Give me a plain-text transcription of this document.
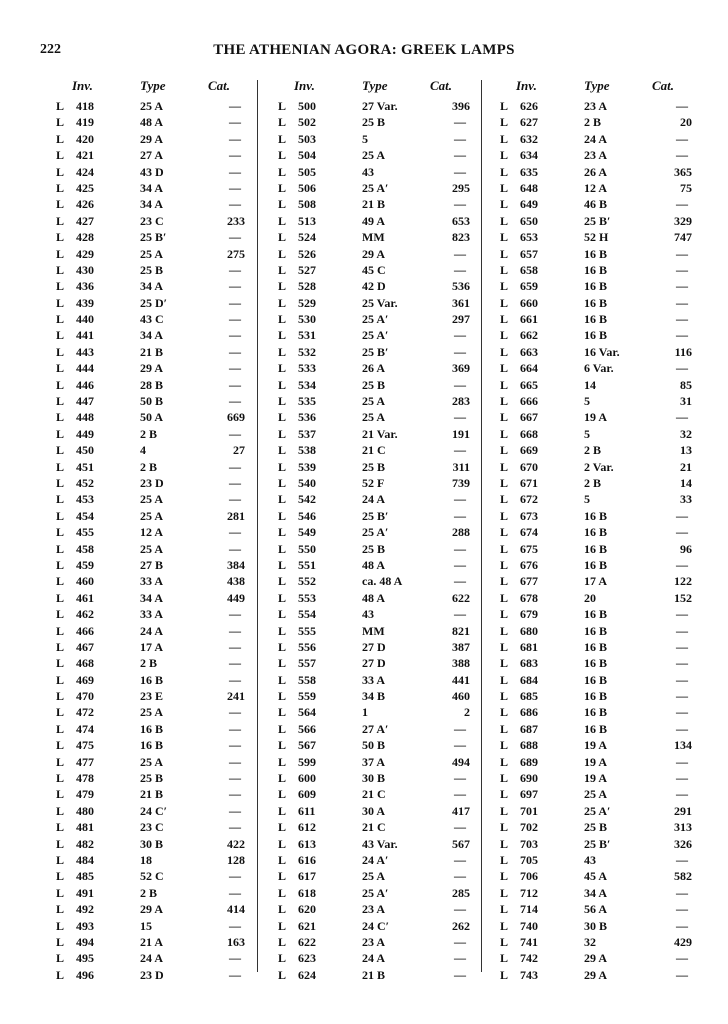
222	THE ATHENIAN AGORA: GREEK LAMPS
Inv.	Type	Cat.
L 418	25 A	—
L 419	48 A	—
L 420	29 A	—
L 421	27 A	—
L 424	43 D	—
L 425	34 A	—
L 426	34 A	—
L 427	23 C	233
L 428	25 B′	—
L 429	25 A	275
L 430	25 B	—
L 436	34 A	—
L 439	25 D′	—
L 440	43 C	—
L 441	34 A	—
L 443	21 B	—
L 444	29 A	—
L 446	28 B	—
L 447	50 B	—
L 448	50 A	669
L 449	2 B	—
L 450	4	27
L 451	2 B	—
L 452	23 D	—
L 453	25 A	—
L 454	25 A	281
L 455	12 A	—
L 458	25 A	—
L 459	27 B	384
L 460	33 A	438
L 461	34 A	449
L 462	33 A	—
L 466	24 A	—
L 467	17 A	—
L 468	2 B	—
L 469	16 B	—
L 470	23 E	241
L 472	25 A	—
L 474	16 B	—
L 475	16 B	—
L 477	25 A	—
L 478	25 B	—
L 479	21 B	—
L 480	24 C′	—
L 481	23 C	—
L 482	30 B	422
L 484	18	128
L 485	52 C	—
L 491	2 B	—
L 492	29 A	414
L 493	15	—
L 494	21 A	163
L 495	24 A	—
L 496	23 D	—
Inv.	Type	Cat.
L 500	27 Var.	396
L 502	25 B	—
L 503	5	—
L 504	25 A	—
L 505	43	—
L 506	25 A′	295
L 508	21 B	—
L 513	49 A	653
L 524	MM	823
L 526	29 A	—
L 527	45 C	—
L 528	42 D	536
L 529	25 Var.	361
L 530	25 A′	297
L 531	25 A′	—
L 532	25 B′	—
L 533	26 A	369
L 534	25 B	—
L 535	25 A	283
L 536	25 A	—
L 537	21 Var.	191
L 538	21 C	—
L 539	25 B	311
L 540	52 F	739
L 542	24 A	—
L 546	25 B′	—
L 549	25 A′	288
L 550	25 B	—
L 551	48 A	—
L 552	ca. 48 A	—
L 553	48 A	622
L 554	43	—
L 555	MM	821
L 556	27 D	387
L 557	27 D	388
L 558	33 A	441
L 559	34 B	460
L 564	1	2
L 566	27 A′	—
L 567	50 B	—
L 599	37 A	494
L 600	30 B	—
L 609	21 C	—
L 611	30 A	417
L 612	21 C	—
L 613	43 Var.	567
L 616	24 A′	—
L 617	25 A	—
L 618	25 A′	285
L 620	23 A	—
L 621	24 C′	262
L 622	23 A	—
L 623	24 A	—
L 624	21 B	—
Inv.	Type	Cat.
L 626	23 A	—
L 627	2 B	20
L 632	24 A	—
L 634	23 A	—
L 635	26 A	365
L 648	12 A	75
L 649	46 B	—
L 650	25 B′	329
L 653	52 H	747
L 657	16 B	—
L 658	16 B	—
L 659	16 B	—
L 660	16 B	—
L 661	16 B	—
L 662	16 B	—
L 663	16 Var.	116
L 664	6 Var.	—
L 665	14	85
L 666	5	31
L 667	19 A	—
L 668	5	32
L 669	2 B	13
L 670	2 Var.	21
L 671	2 B	14
L 672	5	33
L 673	16 B	—
L 674	16 B	—
L 675	16 B	96
L 676	16 B	—
L 677	17 A	122
L 678	20	152
L 679	16 B	—
L 680	16 B	—
L 681	16 B	—
L 683	16 B	—
L 684	16 B	—
L 685	16 B	—
L 686	16 B	—
L 687	16 B	—
L 688	19 A	134
L 689	19 A	—
L 690	19 A	—
L 697	25 A	—
L 701	25 A′	291
L 702	25 B	313
L 703	25 B′	326
L 705	43	—
L 706	45 A	582
L 712	34 A	—
L 714	56 A	—
L 740	30 B	—
L 741	32	429
L 742	29 A	—
L 743	29 A	—
